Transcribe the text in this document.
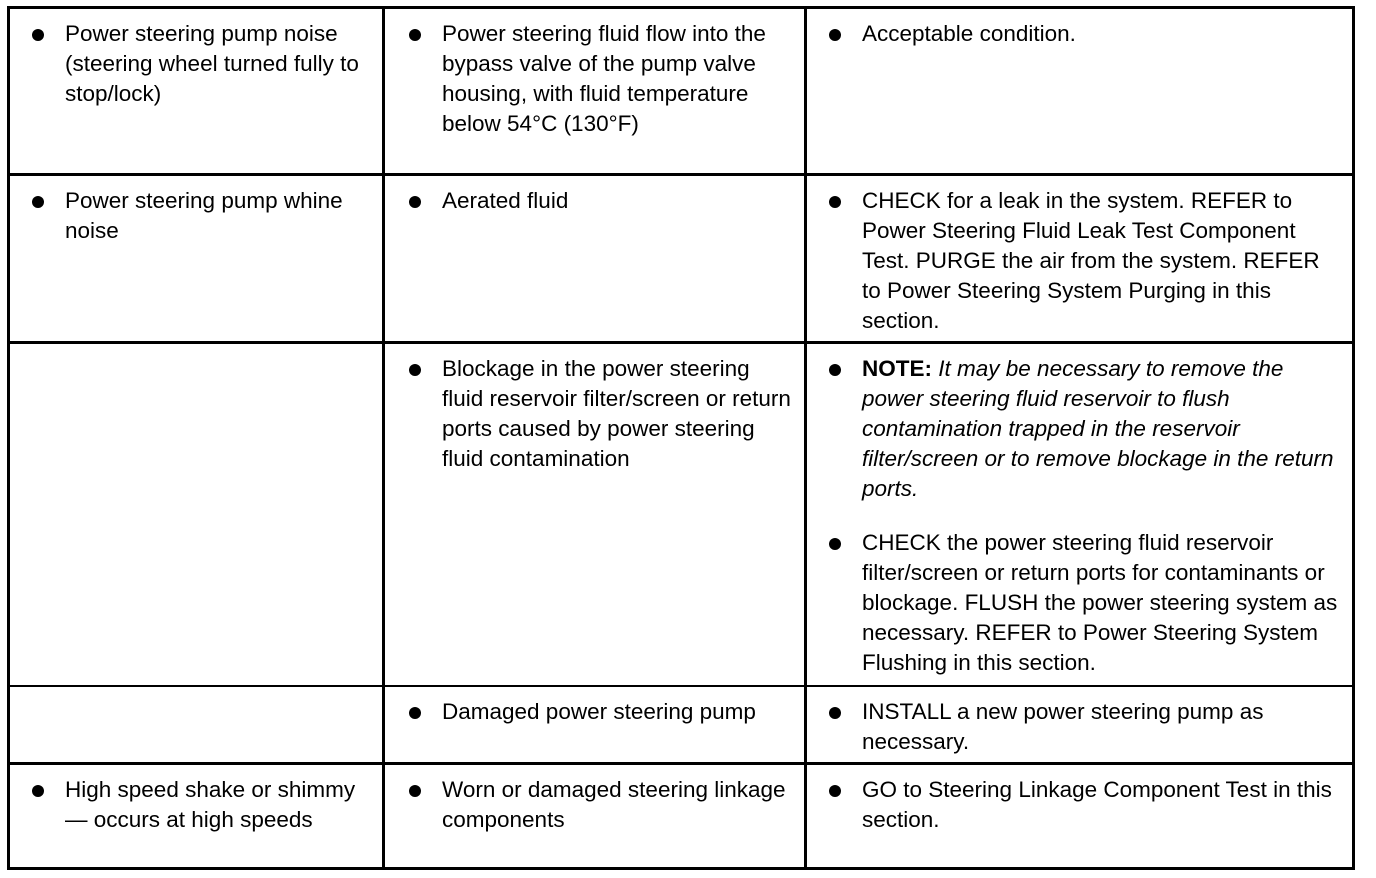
Power steering pump noise (steering wheel turned fully to stop/lock)
Power steering fluid flow into the bypass valve of the pump valve housing, with fluid temperature below 54°C (130°F)
Acceptable condition.
Power steering pump whine noise
Aerated fluid	CHECK for a leak in the system. REFER to Power Steering Fluid Leak Test Component Test. PURGE the air from the system. REFER to Power Steering System Purging in this section.
Blockage in the power steering fluid reservoir filter/screen or return ports caused by power steering fluid contamination
NOTE: It may be necessary to remove the power steering fluid reservoir to flush contamination trapped in the reservoir filter/screen or to remove blockage in the return ports.
CHECK the power steering fluid reservoir filter/screen or return ports for contaminants or blockage. FLUSH the power steering system as necessary. REFER to Power Steering System Flushing in this section.
Damaged power steering pump	INSTALL a new power steering pump as necessary.
High speed shake or shimmy— occurs at high speeds
Worn or damaged steering linkage components
GO to Steering Linkage Component Test in this section.
